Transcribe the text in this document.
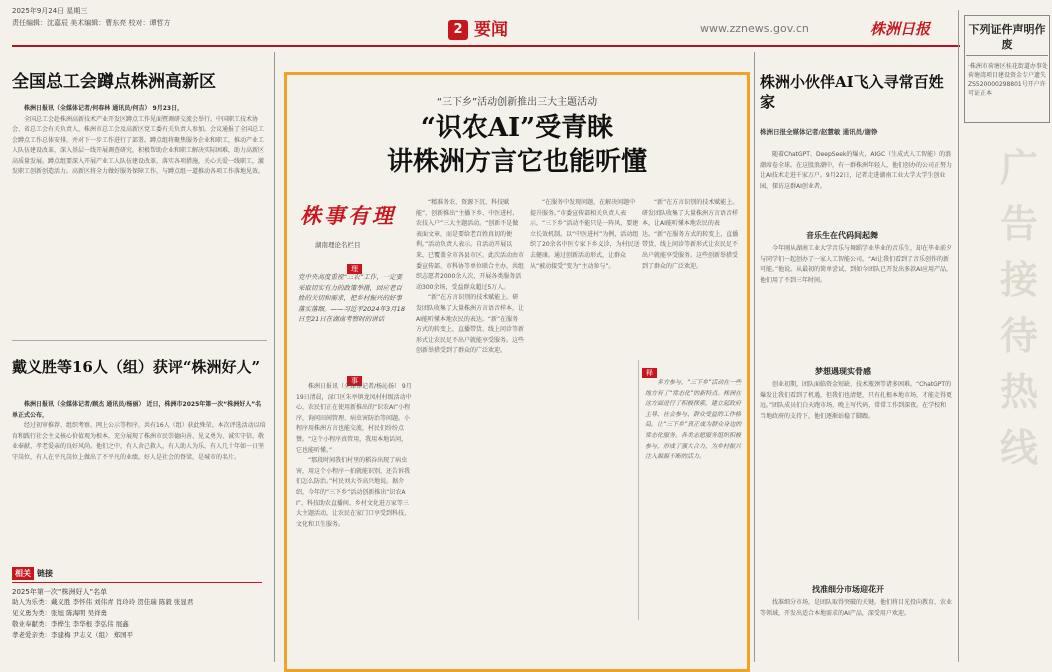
2025年9月24日 星期三
责任编辑：沈嘉辰 美术编辑：曹东亮 校对：谭哲方	2 要闻	www.zznews.gov.cn	株洲日报
全国总工会蹲点株洲高新区

株洲日报讯（全媒体记者/何春林 通讯员/何吉） 9月23日，

全国总工会赴株洲高新技术产业开发区蹲点工作见面暨调研交流会举行。中国职工技术协会、省总工会有关负责人，株洲市总工会及高新区党工委有关负责人参加。会议通报了全国总工会蹲点工作总体安排，并对下一步工作进行了部署。蹲点组将聚焦服务企业和职工，推动产业工人队伍建设改革，深入基层一线开展调查研究，积极帮助企业和职工解决实际困难，助力高新区高质量发展。蹲点组要深入开展产业工人队伍建设改革，落实各项措施，关心关爱一线职工，激发职工创新创造活力。高新区将全力做好服务保障工作，与蹲点组一道推动各项工作落地见效。

戴义胜等16人（组）获评“株洲好人”

株洲日报讯（全媒体记者/顾杰 通讯员/杨丽） 近日，株洲市2025年第一次“株洲好人”名单正式公布，

经过初审推荐、组织考察、网上公示等程序，共有16人（组）获此殊荣。本次评选活动以培育和践行社会主义核心价值观为根本，充分展现了株洲市民崇德向善、见义勇为、诚实守信、敬业奉献、孝老爱亲的良好风尚。他们之中，有人舍己救人，有人助人为乐，有人几十年如一日坚守岗位，有人在平凡岗位上做出了不平凡的业绩。好人是社会的脊梁，是城市的名片。

相关 链接
2025年第一次“株洲好人”名单
助人为乐类：戴义胜 李怀伟 刘伟青 肖玲玲 贺佳瑞 陈毅 张显君
见义勇为类：张旭 陈海明 吴祥勇
敬业奉献类：李桦生 李华根 李弘伟 展鑫
孝老爱亲类：李建梅 尹志义（组） 郑国平
“三下乡”活动创新推出三大主题活动
“识农AI”受青睐
讲株洲方言它也能听懂
株事有理
湖南理论名栏目
理
党中央高度重视“三农”工作，一定要采取切实有力的政策举措，回应老百姓的关切和需求，把乡村振兴的好事落实落细。——习近平2024年3月18日至21日在湖南考察时的讲话
事

株洲日报讯（全媒体记者/杨沁扬） 9月19日清晨，渌口区朱亭镇龙凤村村级活动中心，农民们正在使用新推出的“识农AI”小程序，询问田间管理、病虫害防治等问题。小程序用株洲方言也能交流，村民们纷纷点赞。“这个小程序真管用，我用本地话问，它也能听懂。”

“那段时间我们村里的稻谷出现了病虫害，用这个小程序一拍就能识别，还告诉我们怎么防治。”村民刘大爷高兴地说。据介绍，今年的“三下乡”活动创新推出“识农AI”、科技助农直播间、乡村文化进万家等三大主题活动，让农民在家门口享受到科技、文化和卫生服务。

“精准务农、资源下沉、科技赋能”，创新推出“主播下乡、中医进村、农技入户”三大主题活动。“创新不是做表面文章，而是要给老百姓真切的便利。”活动负责人表示。自活动开展以来，已覆盖全市各县市区。此次活动由市委宣传部、市科协等单位联合主办，共组织志愿者2000余人次，开展各类服务活动300余场，受益群众超过5万人。

“新”在方言识别的技术赋能上。研发团队收集了大量株洲方言语音样本，让AI能听懂本地农民的表达。“新”在服务方式的转变上，直播带货、线上问诊等新形式让农民足不出户就能享受服务。这些创新举措受到了群众的广泛欢迎。

“在服务中发现问题，在解决问题中提升服务。”市委宣传部相关负责人表示，“三下乡”活动不能只是一阵风，要建立长效机制。以“中医进村”为例，活动组织了20余名中医专家下乡义诊，为村民送去健康。通过创新活动形式，让群众从“被动接受”变为“主动参与”。

释

“新”在方言识别的技术赋能上。研发团队收集了大量株洲方言语音样本，让AI能听懂本地农民的表达。“新”在服务方式的转变上，直播带货、线上问诊等新形式让农民足不出户就能享受服务。这些创新举措受到了群众的广泛欢迎。

多方参与，“三下乡”活动在一些地方有了“常态化”的新特点。株洲在这方面进行了积极探索，建立起政府主导、社会参与、群众受益的工作格局，让“三下乡”真正成为群众身边的常态化服务。各类志愿服务组织积极参与，形成了强大合力，为乡村振兴注入源源不断的活力。

株洲小伙伴AI飞入寻常百姓家
株洲日报全媒体记者/赵慧敏 通讯员/谢铮

随着ChatGPT、DeepSeek的爆火，AIGC（生成式人工智能）的浪潮席卷全球。在这股浪潮中，有一群株洲年轻人，他们创办的公司正努力让AI技术走进千家万户。9月22日，记者走进湖南工业大学大学生创业园，探访这群AI创业者。

音乐生在代码间起舞

今年刚从湖南工业大学音乐与舞蹈学业毕业的音乐生，却在毕业前夕与同学们一起创办了一家人工智能公司。“AI让我们看到了音乐创作的新可能。”他说。从最初的简单尝试，到如今团队已开发出多款AI应用产品，他们用了不到三年时间。

梦想遇现实骨感

创业初期，团队面临资金短缺、技术瓶颈等诸多困难。“ChatGPT的爆发让我们看到了机遇，但我们也清楚，只有扎根本地市场，才能走得更远。”团队成员们白天跑市场，晚上写代码，常常工作到深夜。在学校和当地政府的支持下，他们逐渐站稳了脚跟。

找准细分市场迎花开

找准细分市场，是团队取得突破的关键。他们将目光投向教育、农业等领域，开发出适合本地需求的AI产品，深受用户欢迎。

下列证件声明作废
·株洲市荷塘区桂花街道办事处荷塘湾项目建设资金专户遗失ZS520000298801号开户许可证正本
广告接待热线
